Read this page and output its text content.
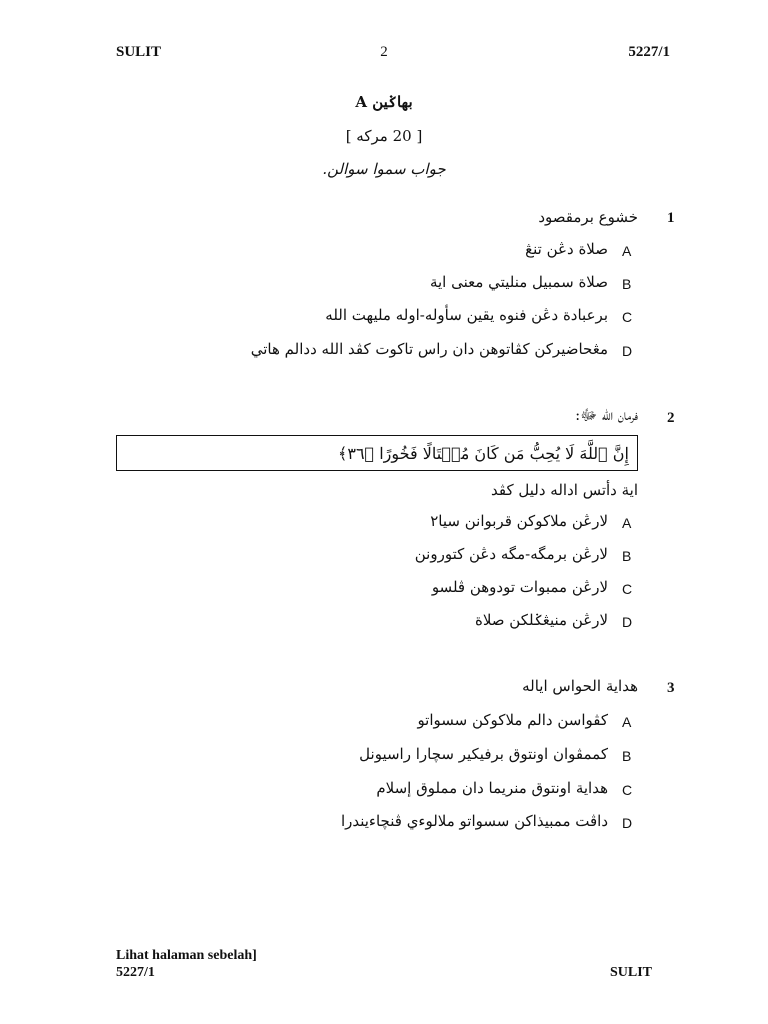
SULIT	2	5227/1
بهاݢين A
[ 20 مركه ]
جواب سموا سوالن.
1
خشوع برمقصود
A
صلاة دڠن تنڠ
B
صلاة سمبيل منليتي معنى اية
C
برعبادة دڠن فنوه يقين سأوله-اوله مليهت الله
D
مڠحاضيركن كڤاتوهن دان راس تاكوت كڤد الله ددالم هاتي
2
فرمان الله ﷻ:
إِنَّ ٱللَّهَ لَا يُحِبُّ مَن كَانَ مُخۡتَالًا فَخُورًا ﴿٣٦﴾
اية دأتس اداله دليل كڤد
A
لارڠن ملاكوكن قربوانن سيا٢
B
لارڠن برمگه-مگه دڠن كتورونن
C
لارڠن ممبوات تودوهن ڤلسو
D
لارڠن منيڠݢلكن صلاة
3
هداية الحواس اياله
A
كڤواسن دالم ملاكوكن سسواتو
B
كممڤوان اونتوق برفيكير سچارا راسيونل
C
هداية اونتوق منريما دان مملوق إسلام
D
داڤت ممبيذاكن سسواتو ملالوءي ڤنچاءيندرا
Lihat halaman sebelah]
5227/1	SULIT
